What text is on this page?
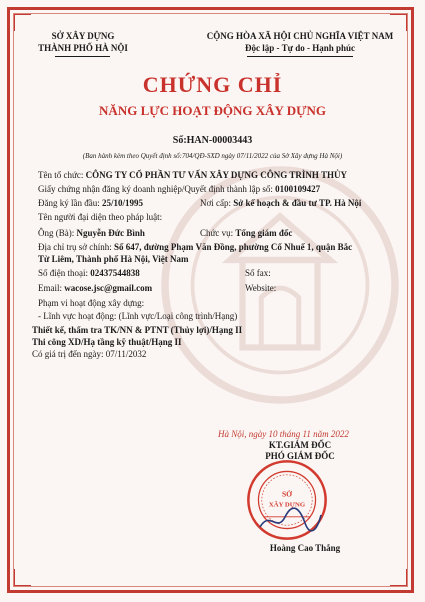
SỞ XÂY DỰNG
THÀNH PHỐ HÀ NỘI
CỘNG HÒA XÃ HỘI CHỦ NGHĨA VIỆT NAM
Độc lập - Tự do - Hạnh phúc
CHỨNG CHỈ
NĂNG LỰC HOẠT ĐỘNG XÂY DỰNG
Số:HAN-00003443
(Ban hành kèm theo Quyết định số:704/QĐ-SXD ngày 07/11/2022 của Sở Xây dựng Hà Nội)
Tên tổ chức: CÔNG TY CỔ PHẦN TƯ VẤN XÂY DỰNG CÔNG TRÌNH THỦY
Giấy chứng nhận đăng ký doanh nghiệp/Quyết định thành lập số: 0100109427
Đăng ký lần đầu: 25/10/1995	Nơi cấp: Sở kế hoạch & đầu tư TP. Hà Nội
Tên người đại diện theo pháp luật:
Ông (Bà): Nguyễn Đức Bình	Chức vụ: Tổng giám đốc
Địa chỉ trụ sở chính: Số 647, đường Phạm Văn Đồng, phường Cổ Nhuế 1, quận Bắc
Từ Liêm, Thành phố Hà Nội, Việt Nam
Số điện thoại: 02437544838	Số fax:
Email: wacose.jsc@gmail.com	Website:
Phạm vi hoạt động xây dựng:
- Lĩnh vực hoạt động: (Lĩnh vực/Loại công trình/Hạng)
Thiết kế, thẩm tra TK/NN & PTNT (Thủy lợi)/Hạng II
Thi công XD/Hạ tầng kỹ thuật/Hạng II
Có giá trị đến ngày: 07/11/2032
Hà Nội, ngày 10 tháng 11 năm 2022
KT.GIÁM ĐỐC
PHÓ GIÁM ĐỐC
SỞ
XÂY DỰNG
Hoàng Cao Thắng
